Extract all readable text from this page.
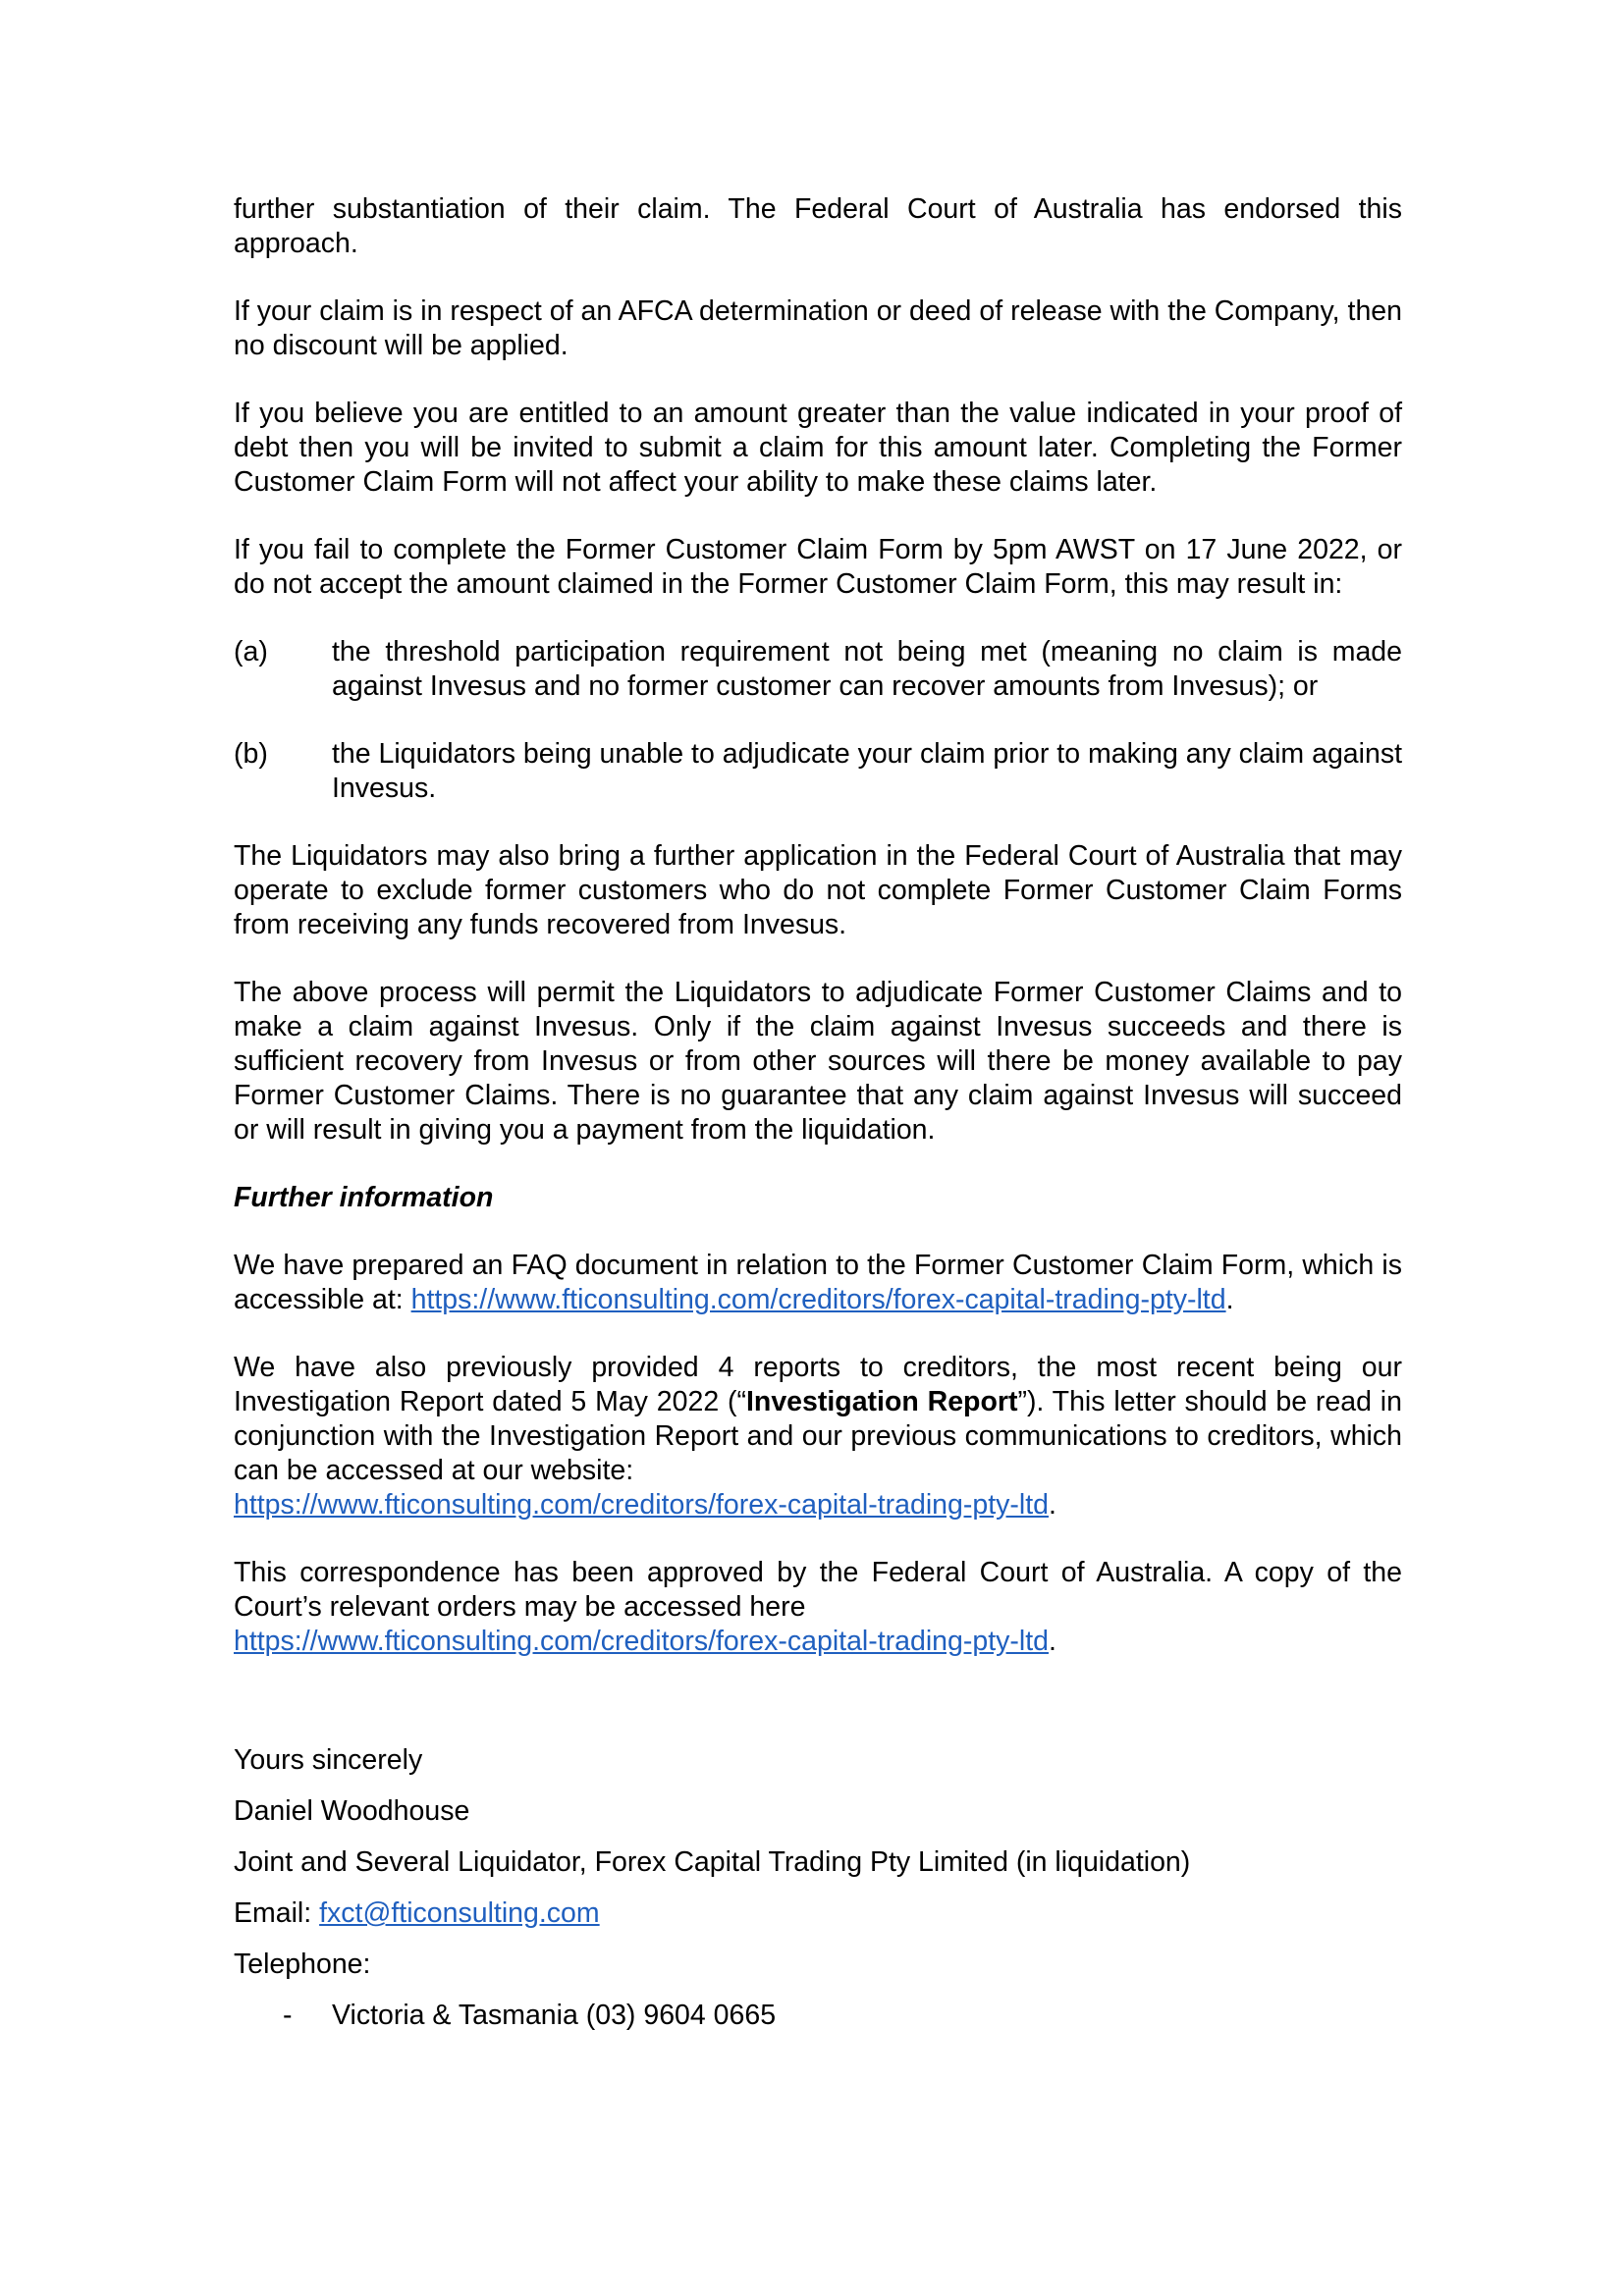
further substantiation of their claim. The Federal Court of Australia has endorsed this approach.

If your claim is in respect of an AFCA determination or deed of release with the Company, then no discount will be applied.

If you believe you are entitled to an amount greater than the value indicated in your proof of debt then you will be invited to submit a claim for this amount later. Completing the Former Customer Claim Form will not affect your ability to make these claims later.

If you fail to complete the Former Customer Claim Form by 5pm AWST on 17 June 2022, or do not accept the amount claimed in the Former Customer Claim Form, this may result in:

(a)	the threshold participation requirement not being met (meaning no claim is made against Invesus and no former customer can recover amounts from Invesus); or
(b)	the Liquidators being unable to adjudicate your claim prior to making any claim against Invesus.

The Liquidators may also bring a further application in the Federal Court of Australia that may operate to exclude former customers who do not complete Former Customer Claim Forms from receiving any funds recovered from Invesus.

The above process will permit the Liquidators to adjudicate Former Customer Claims and to make a claim against Invesus. Only if the claim against Invesus succeeds and there is sufficient recovery from Invesus or from other sources will there be money available to pay Former Customer Claims. There is no guarantee that any claim against Invesus will succeed or will result in giving you a payment from the liquidation.

Further information

We have prepared an FAQ document in relation to the Former Customer Claim Form, which is accessible at: https://www.fticonsulting.com/creditors/forex-capital-trading-pty-ltd.

We have also previously provided 4 reports to creditors, the most recent being our Investigation Report dated 5 May 2022 (“Investigation Report”). This letter should be read in conjunction with the Investigation Report and our previous communications to creditors, which can be accessed at our website:
https://www.fticonsulting.com/creditors/forex-capital-trading-pty-ltd.

This correspondence has been approved by the Federal Court of Australia. A copy of the Court’s relevant orders may be accessed here
https://www.fticonsulting.com/creditors/forex-capital-trading-pty-ltd.

Yours sincerely
Daniel Woodhouse
Joint and Several Liquidator, Forex Capital Trading Pty Limited (in liquidation)
Email: fxct@fticonsulting.com
Telephone:
-	Victoria & Tasmania (03) 9604 0665
